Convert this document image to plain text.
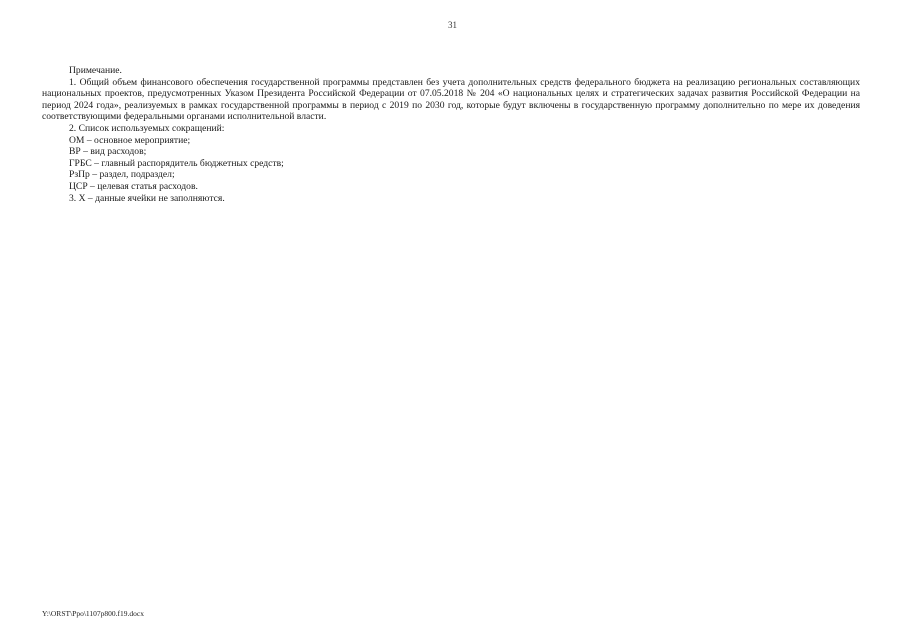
31

Примечание.

1. Общий объем финансового обеспечения государственной программы представлен без учета дополнительных средств федерального бюджета на реализацию региональных составляющих национальных проектов, предусмотренных Указом Президента Российской Федерации от 07.05.2018 № 204 «О национальных целях и стратегических задачах развития Российской Федерации на период 2024 года», реализуемых в рамках государственной программы в период с 2019 по 2030 год, которые будут включены в государственную программу дополнительно по мере их доведения соответствующими федеральными органами исполнительной власти.

2. Список используемых сокращений:

ОМ – основное мероприятие;

ВР – вид расходов;

ГРБС – главный распорядитель бюджетных средств;

РзПр – раздел, подраздел;

ЦСР – целевая статья расходов.

3. X – данные ячейки не заполняются.

Y:\ORST\Ppo\1107p800.f19.docx
